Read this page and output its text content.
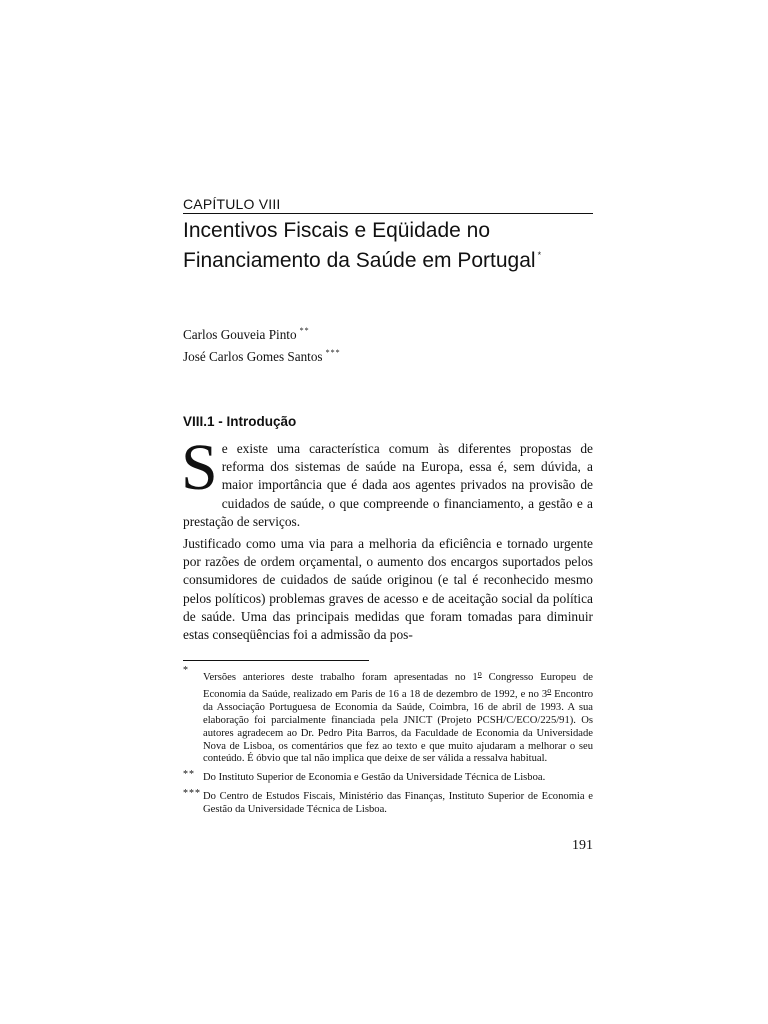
CAPÍTULO VIII
Incentivos Fiscais e Eqüidade no
Financiamento da Saúde em Portugal *
Carlos Gouveia Pinto **
José Carlos Gomes Santos ***
VIII.1 - Introdução

Se existe uma característica comum às diferentes propostas de reforma dos sistemas de saúde na Europa, essa é, sem dúvida, a maior importância que é dada aos agentes privados na provisão de cuidados de saúde, o que compreende o financiamento, a gestão e a prestação de serviços.

Justificado como uma via para a melhoria da eficiência e tornado urgente por razões de ordem orçamental, o aumento dos encargos suportados pelos consumidores de cuidados de saúde originou (e tal é reconhecido mesmo pelos políticos) problemas graves de acesso e de aceitação social da política de saúde. Uma das principais medidas que foram tomadas para diminuir estas conseqüências foi a admissão da pos-

*
Versões anteriores deste trabalho foram apresentadas no 1$^o$ Congresso Europeu de Economia da Saúde, realizado em Paris de 16 a 18 de dezembro de 1992, e no 3$^o$ Encontro da Associação Portuguesa de Economia da Saúde, Coimbra, 16 de abril de 1993. A sua elaboração foi parcialmente financiada pela JNICT (Projeto PCSH/C/ECO/225/91). Os autores agradecem ao Dr. Pedro Pita Barros, da Faculdade de Economia da Universidade Nova de Lisboa, os comentários que fez ao texto e que muito ajudaram a melhorar o seu conteúdo. É óbvio que tal não implica que deixe de ser válida a ressalva habitual.
** Do Instituto Superior de Economia e Gestão da Universidade Técnica de Lisboa.
*** Do Centro de Estudos Fiscais, Ministério das Finanças, Instituto Superior de Economia e Gestão da Universidade Técnica de Lisboa.
191
